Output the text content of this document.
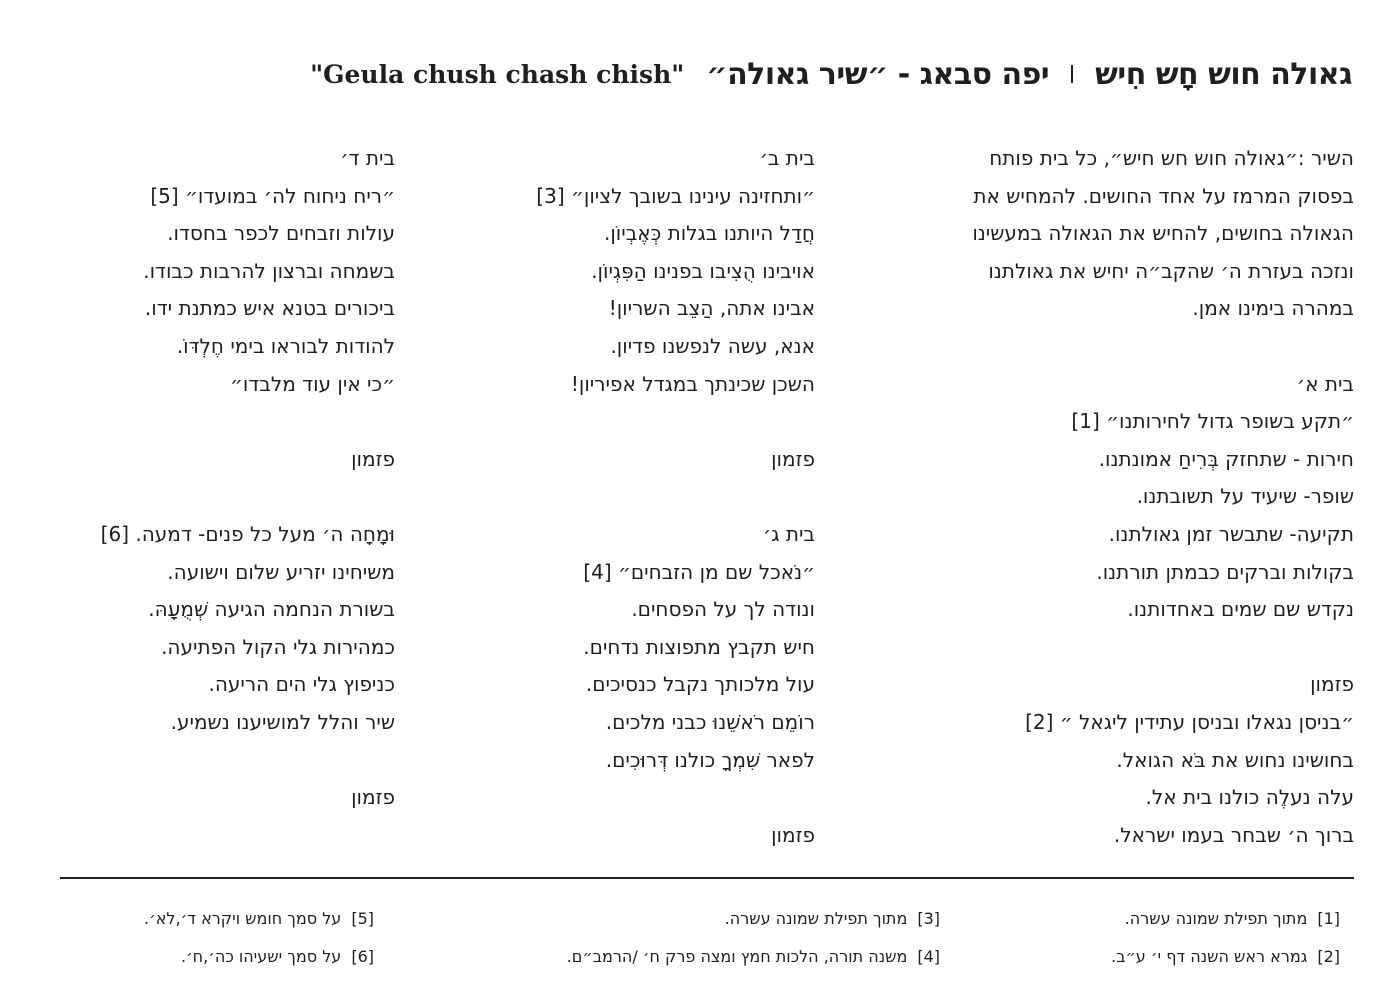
גאולה חוש חָש חִיש
יפה סבאג - ״שיר גאולה״
"Geula chush chash chish"
השיר :״גאולה חוש חש חיש״, כל בית פותח
בפסוק המרמז על אחד החושים. להמחיש את
הגאולה בחושים, להחיש את הגאולה במעשינו
ונזכה בעזרת ה׳ שהקב״ה יחיש את גאולתנו
במהרה בימינו אמן.
בית א׳
״תקע בשופר גדול לחירותנו״ [1]
חירות - שתחזק בְּרִיחַ אמונתנו.
שופר- שיעיד על תשובתנו.
תקיעה- שתבשר זמן גאולתנו.
בקולות וברקים כבמתן תורתנו.
נקדש שם שמים באחדותנו.
פזמון
״בניסן נגאלו ובניסן עתידין ליגאל ״ [2]
בחושינו נחוש את בֹּא הגואל.
עלה נעלֶה כולנו בית אל.
ברוך ה׳ שבחר בעמו ישראל.
בית ב׳
״ותחזינה עינינו בשובך לציון״ [3]
חֲדַל היותנו בגלות כְּאֶבְיוֹן.
אויבינו הֻצִיבו בפנינו הַפִּגְיוֹן.
אבינו אתה, הַצֵב השריון!
אנא, עשה לנפשנו פדיון.
השכן שכינתך במגדל אפיריון!
פזמון
בית ג׳
״נֹאכל שם מן הזבחים״ [4]
ונודה לך על הפסחים.
חיש תקבץ מתפוצות נדחים.
עול מלכותך נקבל כנסיכים.
רוֹמֵם רֹאשֵׁנוּ כבני מלכים.
לפאר שִׁמְךָ כולנו דְּרוּכִים.
פזמון
בית ד׳
״ריח ניחוח לה׳ במועדו״ [5]
עולות וזבחים לכפר בחסדו.
בשמחה וברצון להרבות כבודו.
ביכורים בטנא איש כמתנת ידו.
להודות לבוראו בימי חֶלְדּוֹ.
״כי אין עוד מלבדו״
פזמון
וּמָחָה ה׳ מעל כל פנים- דמעה. [6]
משיחינו יזריע שלום וישועה.
בשורת הנחמה הגיעה שְׁמֻעָהּ.
כמהירות גלי הקול הפתיעה.
כניפוץ גלי הים הריעה.
שיר והלל למושיענו נשמיע.
פזמון
[1]מתוך תפילת שמונה עשרה.
[2]גמרא ראש השנה דף י׳ ע״ב.
[3]מתוך תפילת שמונה עשרה.
[4]משנה תורה, הלכות חמץ ומצה פרק ח׳ /הרמב״ם.
[5]על סמך חומש ויקרא ד׳,לא׳.
[6]על סמך ישעיהו כה׳,ח׳.
